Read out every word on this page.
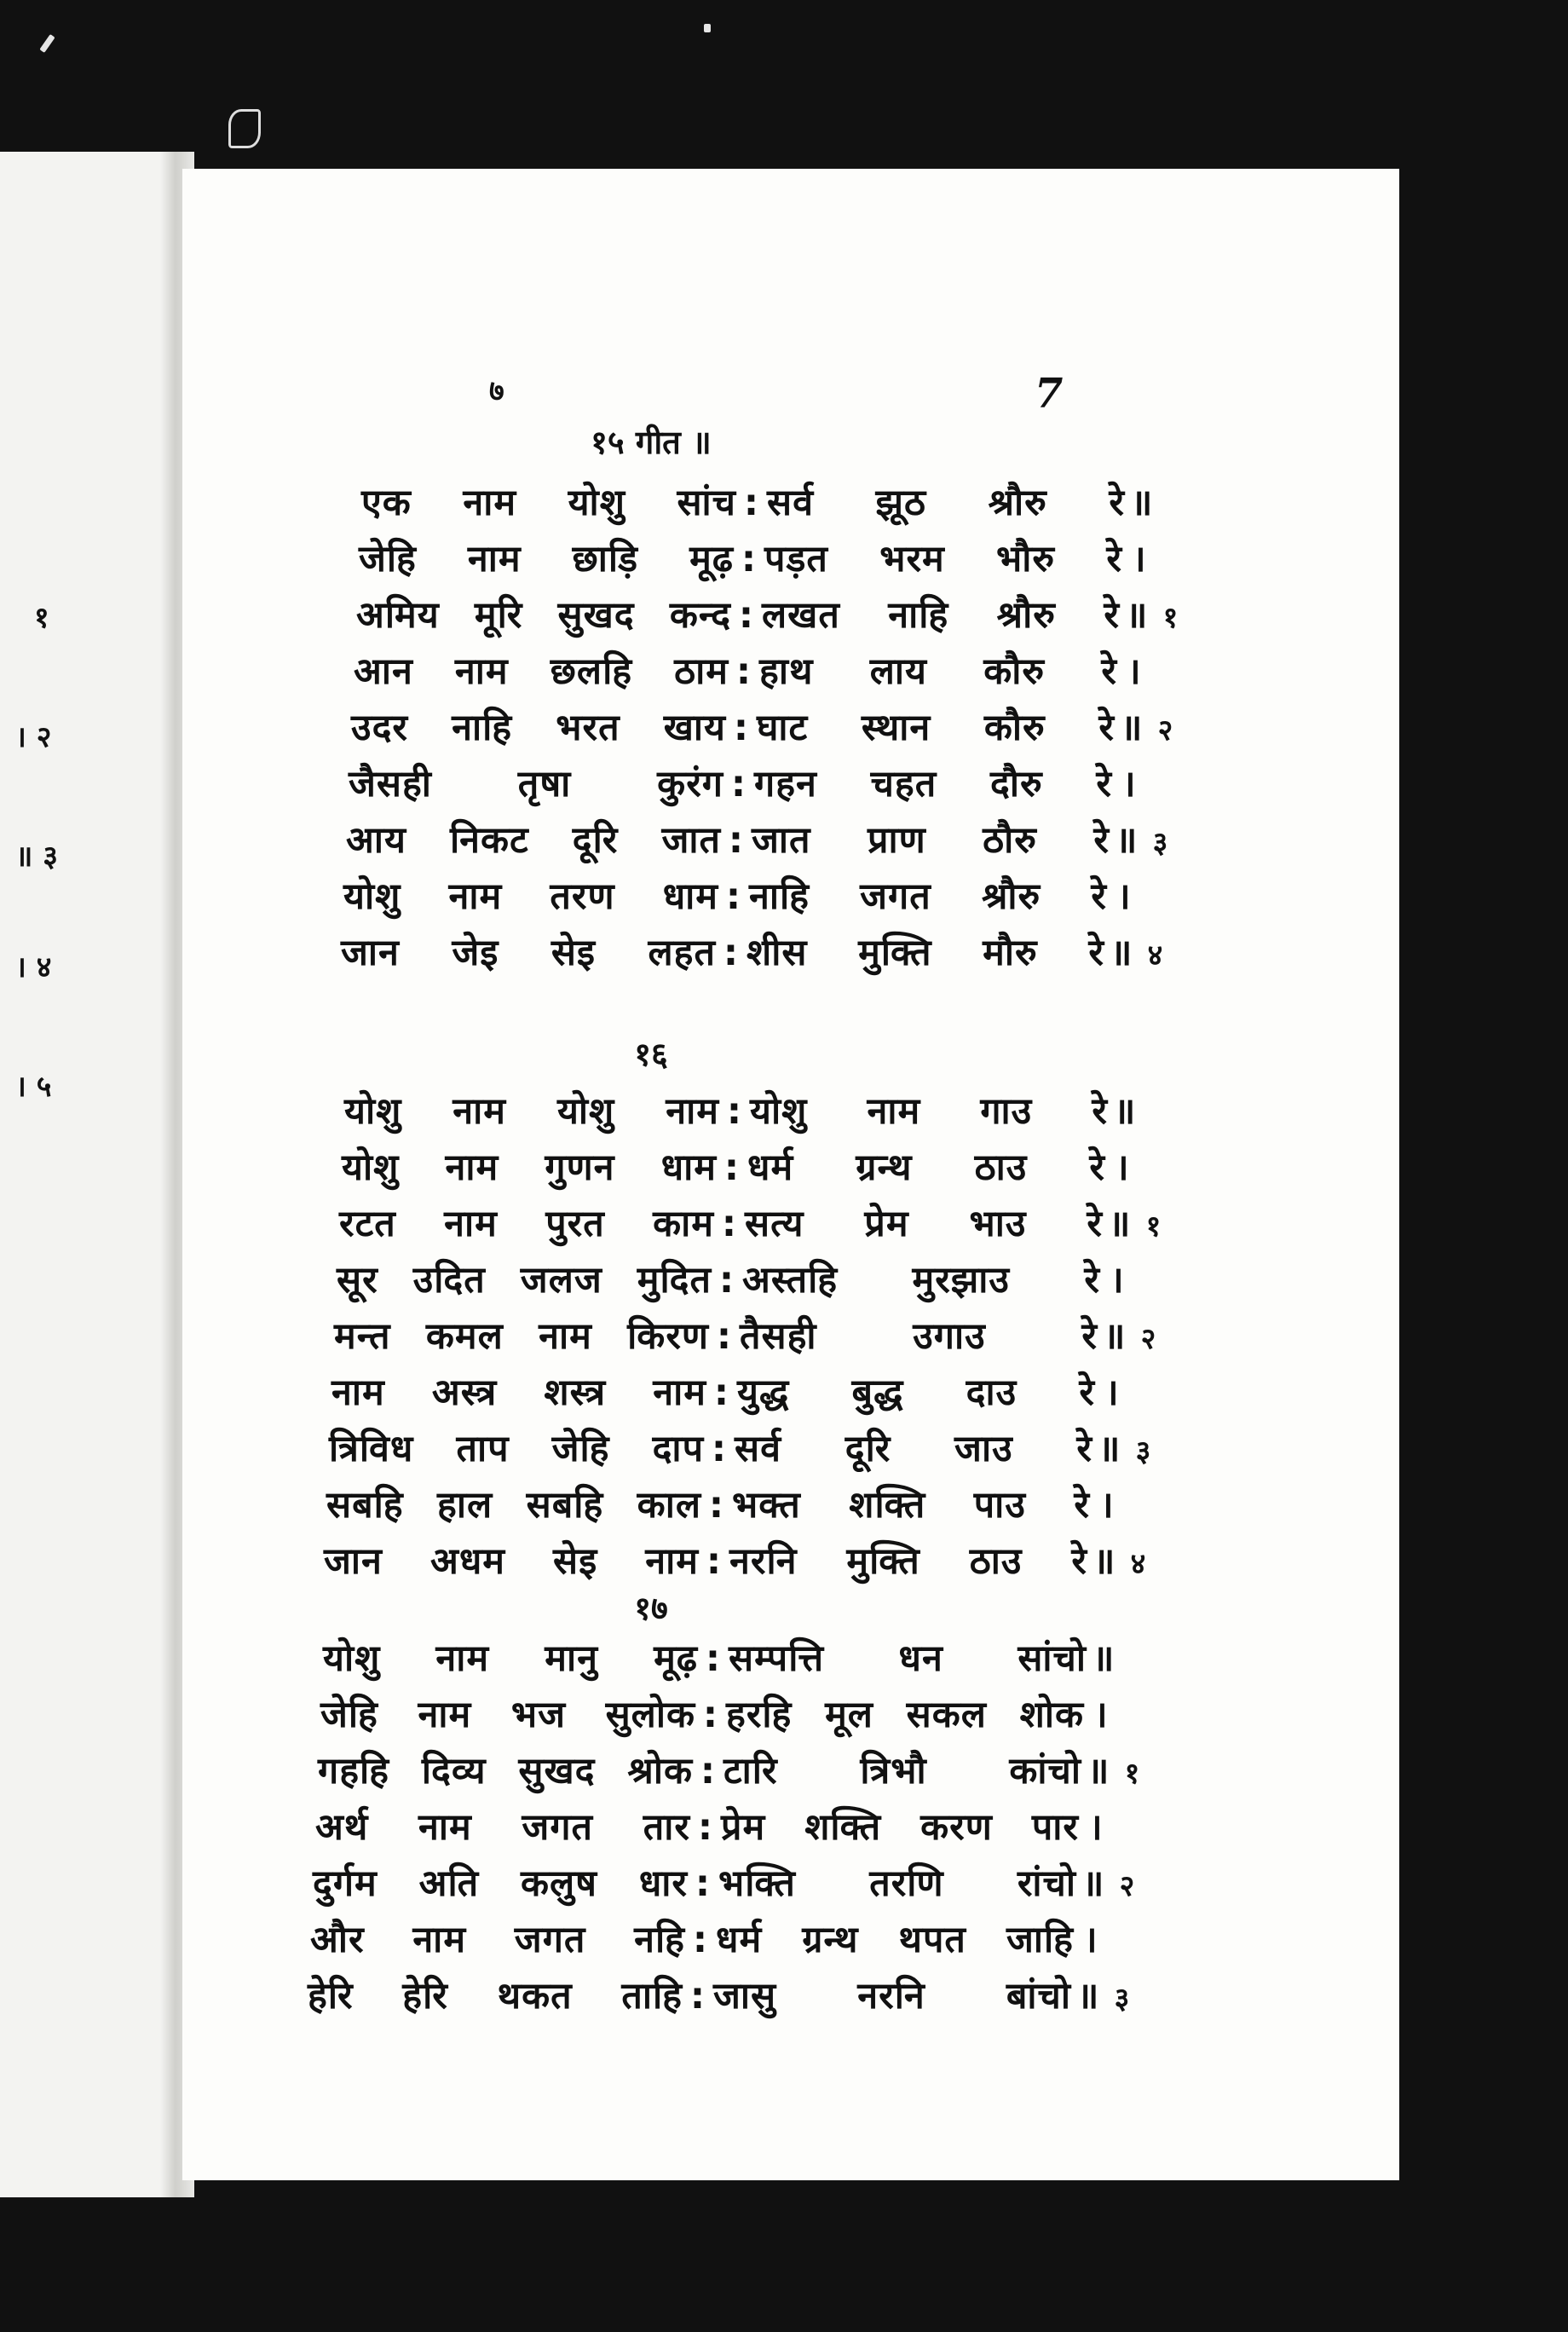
१
। २
॥ ३
। ४
। ५
७	7
१५ गीत ॥
एक नाम योशु सांच : सर्व झूठ श्रौरु रे ॥
जेहि नाम छाड़ि मूढ़ : पड़त भरम भौरु रे ।
अमिय मूरि सुखद कन्द : लखत नाहि श्रौरु रे ॥ १
आन नाम छलहि ठाम : हाथ लाय कौरु रे ।
उदर नाहि भरत खाय : घाट स्थान कौरु रे ॥ २
जैसही तृषा कुरंग : गहन चहत दौरु रे ।
आय निकट दूरि जात : जात प्राण ठौरु रे ॥ ३
योशु नाम तरण धाम : नाहि जगत श्रौरु रे ।
जान जेइ सेइ लहत : शीस मुक्ति मौरु रे ॥ ४
१६
योशु नाम योशु नाम : योशु नाम गाउ रे ॥
योशु नाम गुणन धाम : धर्म ग्रन्थ ठाउ रे ।
रटत नाम पुरत काम : सत्य प्रेम भाउ रे ॥ १
सूर उदित जलज मुदित : अस्तहि मुरझाउ रे ।
मन्त कमल नाम किरण : तैसही उगाउ रे ॥ २
नाम अस्त्र शस्त्र नाम : युद्ध बुद्ध दाउ रे ।
त्रिविध ताप जेहि दाप : सर्व दूरि जाउ रे ॥ ३
सबहि हाल सबहि काल : भक्त शक्ति पाउ रे ।
जान अधम सेइ नाम : नरनि मुक्ति ठाउ रे ॥ ४
१७
योशु नाम मानु मूढ़ : सम्पत्ति धन सांचो ॥
जेहि नाम भज सुलोक : हरहि मूल सकल शोक ।
गहहि दिव्य सुखद श्रोक : टारि त्रिभौ कांचो ॥ १
अर्थ नाम जगत तार : प्रेम शक्ति करण पार ।
दुर्गम अति कलुष धार : भक्ति तरणि रांचो ॥ २
और नाम जगत नहि : धर्म ग्रन्थ थपत जाहि ।
हेरि हेरि थकत ताहि : जासु नरनि बांचो ॥ ३
